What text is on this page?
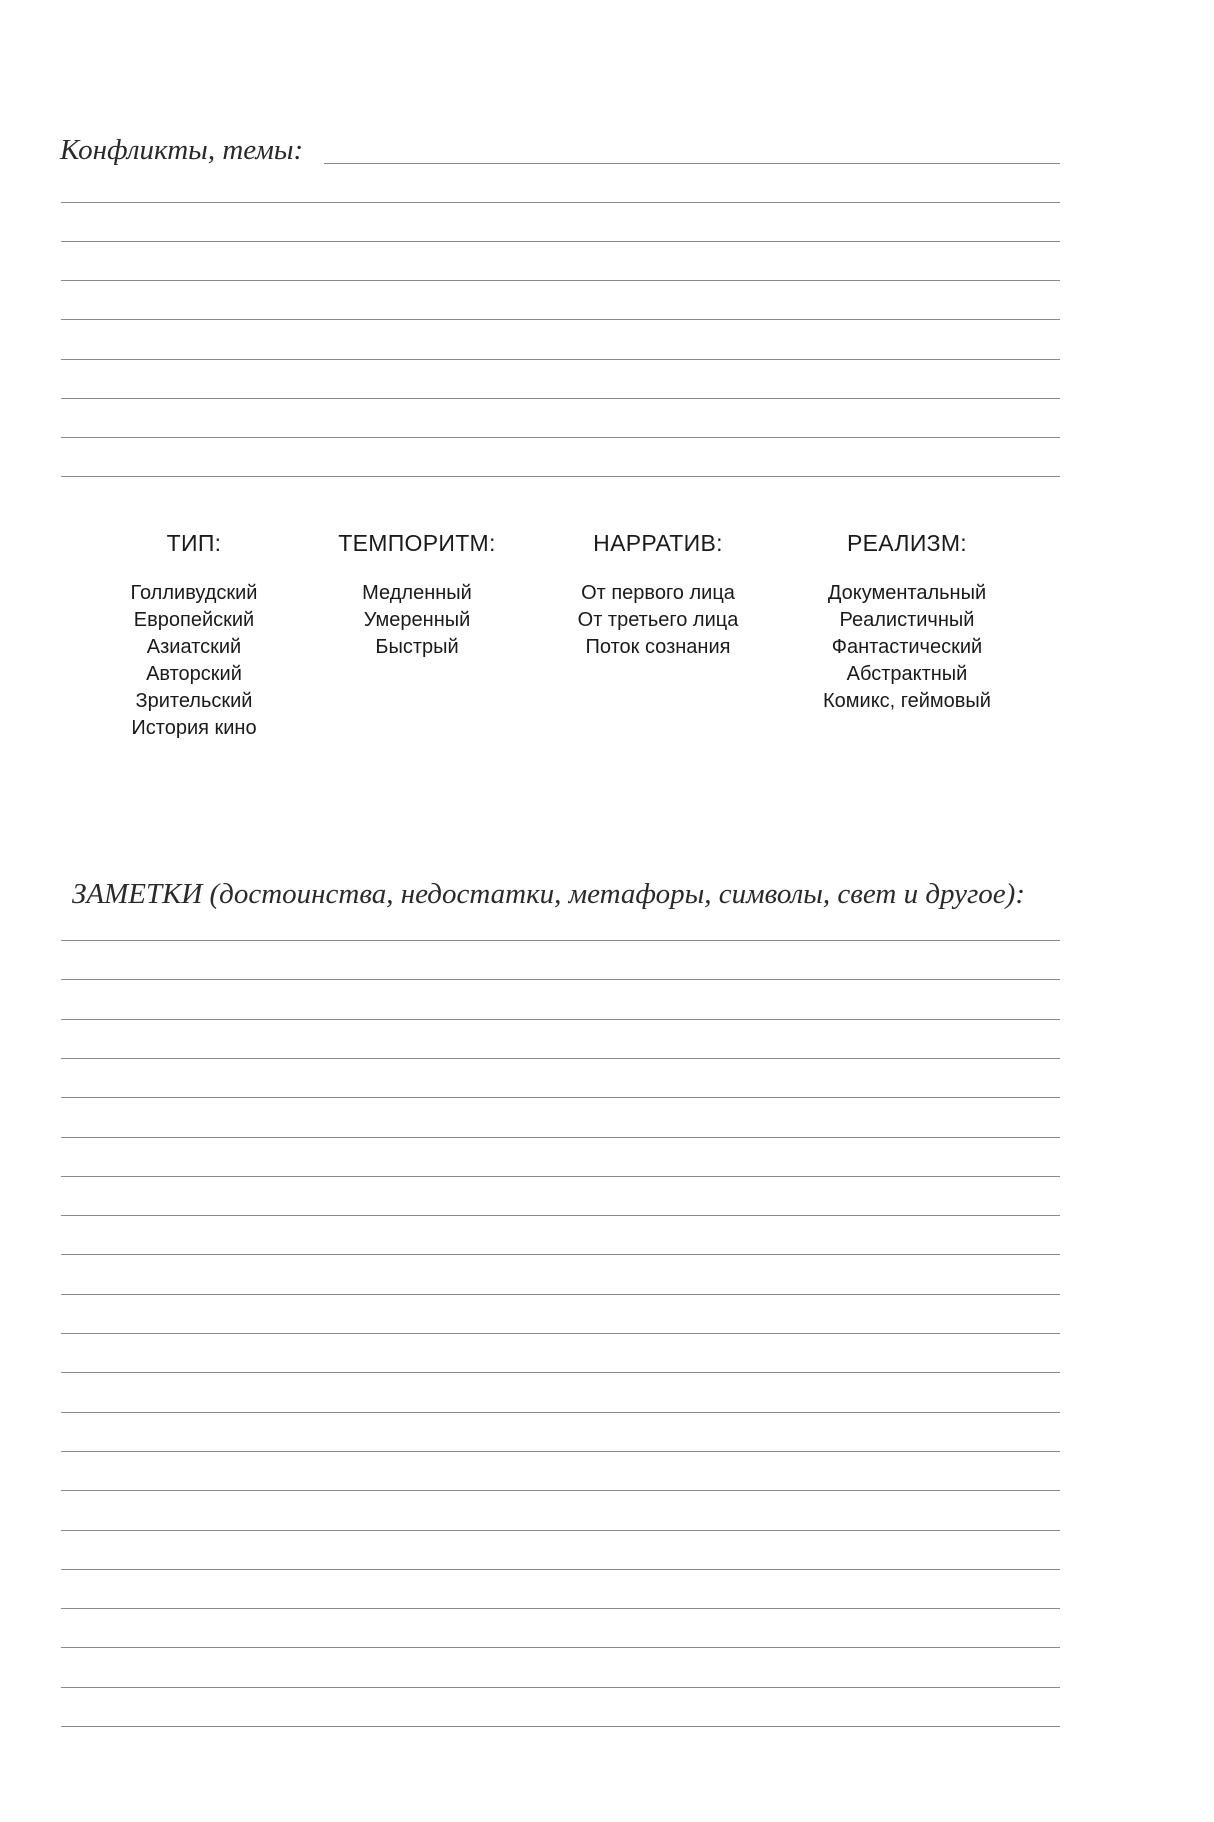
Конфликты, темы:
ТИП:
Голливудский
Европейский
Азиатский
Авторский
Зрительский
История кино
ТЕМПОРИТМ:
Медленный
Умеренный
Быстрый
НАРРАТИВ:
От первого лица
От третьего лица
Поток сознания
РЕАЛИЗМ:
Документальный
Реалистичный
Фантастический
Абстрактный
Комикс, геймовый
ЗАМЕТКИ (достоинства, недостатки, метафоры, символы, свет и другое):
